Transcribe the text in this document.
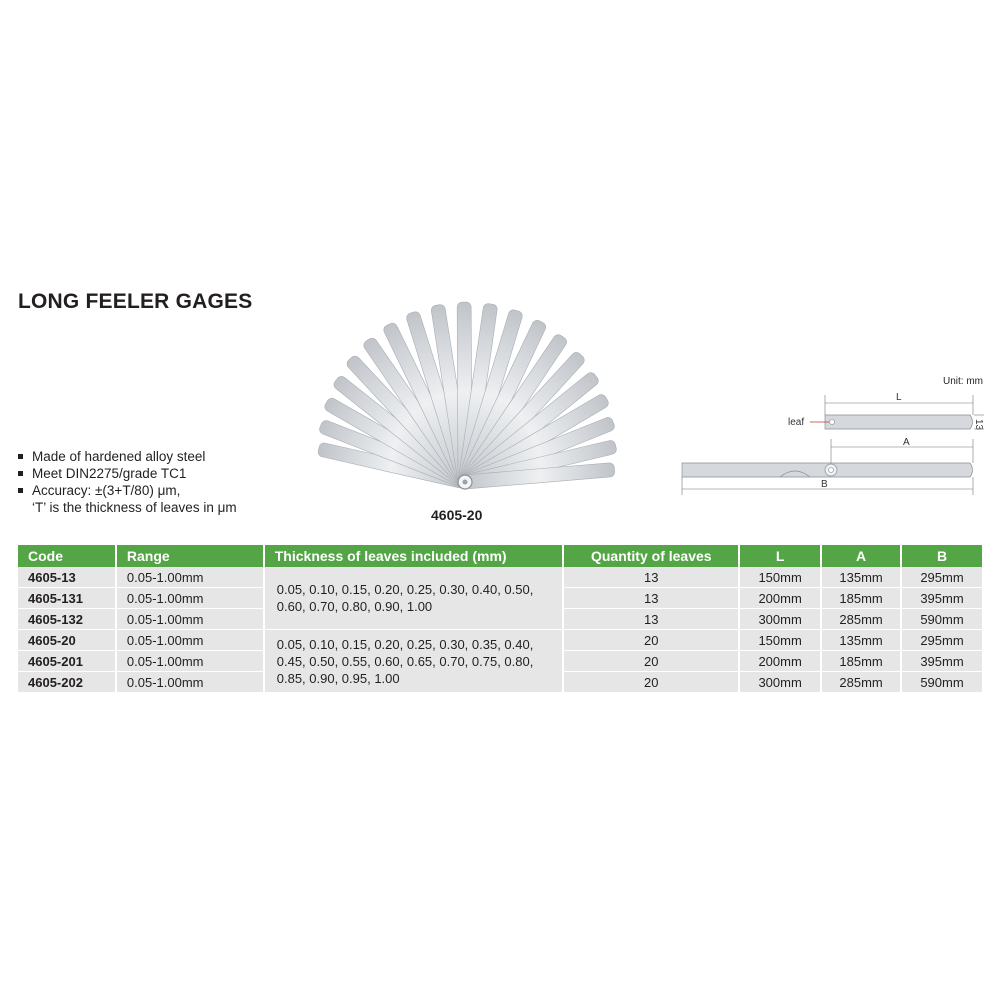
LONG FEELER GAGES
Made of hardened alloy steel
Meet DIN2275/grade TC1
Accuracy: ±(3+T/80) μm,
‘T’ is the thickness of leaves in μm	4605-20
Unit: mm
L
leaf	13
A
B
Code	Range	Thickness of leaves included (mm)	Quantity of leaves	L	A	B
4605-13	0.05-1.00mm	0.05, 0.10, 0.15, 0.20, 0.25, 0.30, 0.40, 0.50, 0.60, 0.70, 0.80, 0.90, 1.00	13	150mm	135mm	295mm
4605-131	0.05-1.00mm		13	200mm	185mm	395mm
4605-132	0.05-1.00mm		13	300mm	285mm	590mm
4605-20	0.05-1.00mm	0.05, 0.10, 0.15, 0.20, 0.25, 0.30, 0.35, 0.40, 0.45, 0.50, 0.55, 0.60, 0.65, 0.70, 0.75, 0.80, 0.85, 0.90, 0.95, 1.00	20	150mm	135mm	295mm
4605-201	0.05-1.00mm		20	200mm	185mm	395mm
4605-202	0.05-1.00mm		20	300mm	285mm	590mm
